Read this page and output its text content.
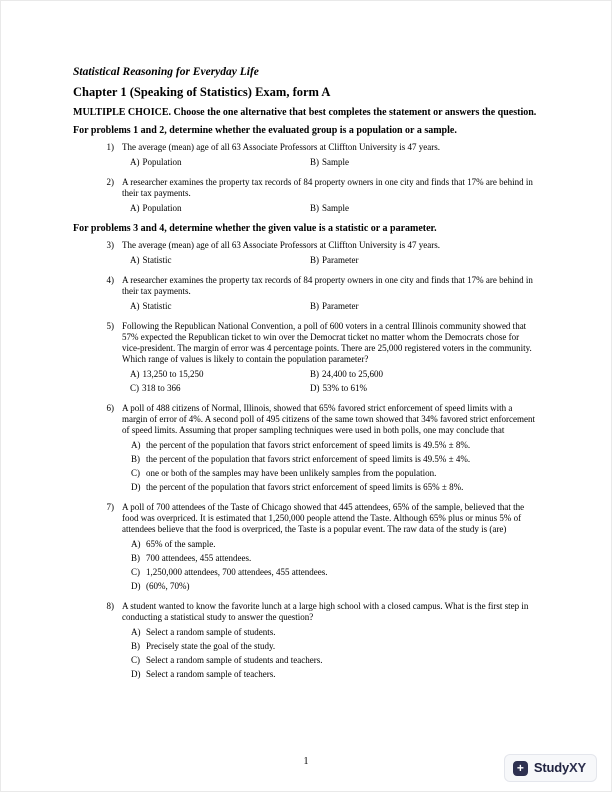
Statistical Reasoning for Everyday Life
Chapter 1 (Speaking of Statistics) Exam, form A

MULTIPLE CHOICE. Choose the one alternative that best completes the statement or answers the question.

For problems 1 and 2, determine whether the evaluated group is a population or a sample.

1) The average (mean) age of all 63 Associate Professors at Cliffton University is 47 years.
A) Population	B) Sample
2) A researcher examines the property tax records of 84 property owners in one city and finds that 17% are behind in their tax payments.
A) Population	B) Sample

For problems 3 and 4, determine whether the given value is a statistic or a parameter.

3) The average (mean) age of all 63 Associate Professors at Cliffton University is 47 years.
A) Statistic	B) Parameter
4) A researcher examines the property tax records of 84 property owners in one city and finds that 17% are behind in their tax payments.
A) Statistic	B) Parameter
5) Following the Republican National Convention, a poll of 600 voters in a central Illinois community showed that 57% expected the Republican ticket to win over the Democrat ticket no matter whom the Democrats chose for vice-president. The margin of error was 4 percentage points. There are 25,000 registered voters in the community. Which range of values is likely to contain the population parameter?
A) 13,250 to 15,250	B) 24,400 to 25,600
C) 318 to 366	D) 53% to 61%
6) A poll of 488 citizens of Normal, Illinois, showed that 65% favored strict enforcement of speed limits with a margin of error of 4%. A second poll of 495 citizens of the same town showed that 34% favored strict enforcement of speed limits. Assuming that proper sampling techniques were used in both polls, one may conclude that
A) the percent of the population that favors strict enforcement of speed limits is 49.5% ± 8%.
B) the percent of the population that favors strict enforcement of speed limits is 49.5% ± 4%.
C) one or both of the samples may have been unlikely samples from the population.
D) the percent of the population that favors strict enforcement of speed limits is 65% ± 8%.
7) A poll of 700 attendees of the Taste of Chicago showed that 445 attendees, 65% of the sample, believed that the food was overpriced. It is estimated that 1,250,000 people attend the Taste. Although 65% plus or minus 5% of attendees believe that the food is overpriced, the Taste is a popular event. The raw data of the study is (are)
A) 65% of the sample.
B) 700 attendees, 455 attendees.
C) 1,250,000 attendees, 700 attendees, 455 attendees.
D) (60%, 70%)
8) A student wanted to know the favorite lunch at a large high school with a closed campus. What is the first step in conducting a statistical study to answer the question?
A) Select a random sample of students.
B) Precisely state the goal of the study.
C) Select a random sample of students and teachers.
D) Select a random sample of teachers.
1	+ StudyXY
